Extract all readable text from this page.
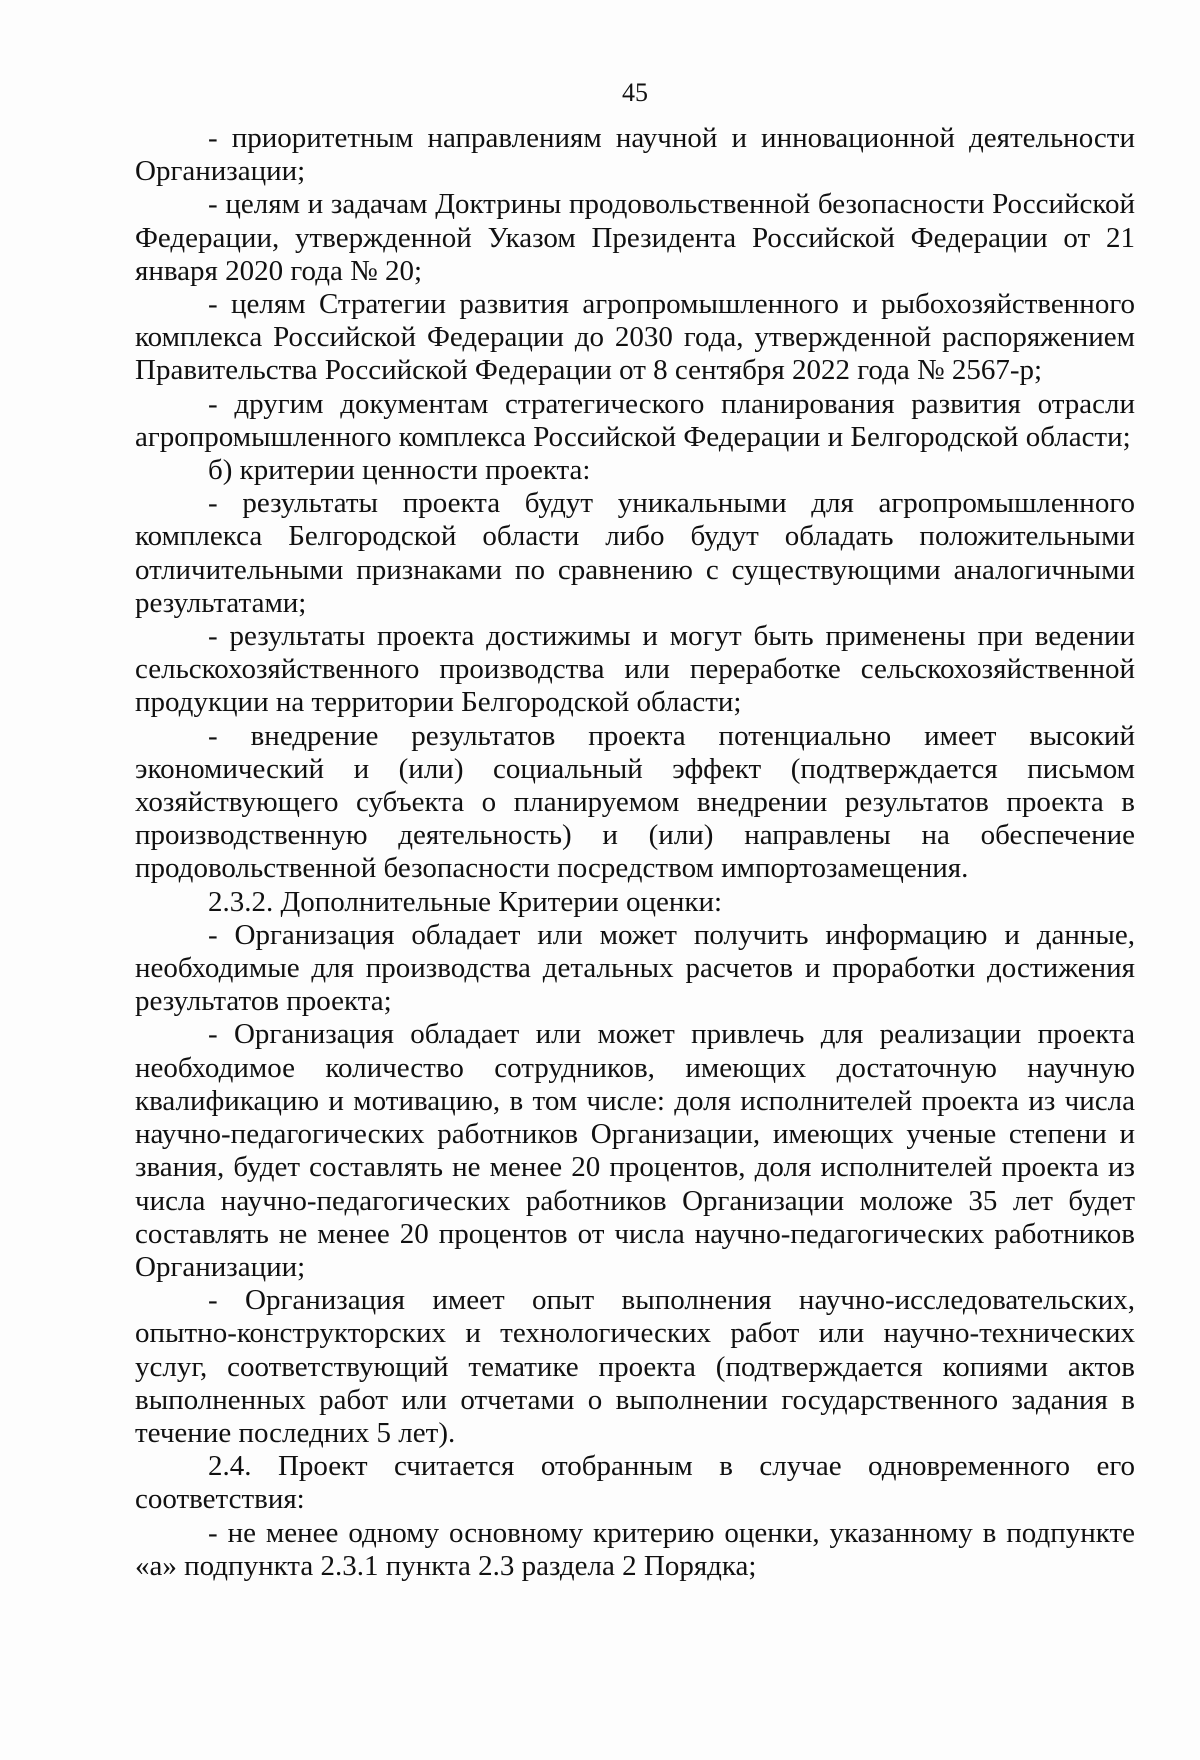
45

- приоритетным направлениям научной и инновационной деятельности Организации;

- целям и задачам Доктрины продовольственной безопасности Российской Федерации, утвержденной Указом Президента Российской Федерации от 21 января 2020 года № 20;

- целям Стратегии развития агропромышленного и рыбохозяйственного комплекса Российской Федерации до 2030 года, утвержденной распоряжением Правительства Российской Федерации от 8 сентября 2022 года № 2567-р;

- другим документам стратегического планирования развития отрасли агропромышленного комплекса Российской Федерации и Белгородской области;

б) критерии ценности проекта:

- результаты проекта будут уникальными для агропромышленного комплекса Белгородской области либо будут обладать положительными отличительными признаками по сравнению с существующими аналогичными результатами;

- результаты проекта достижимы и могут быть применены при ведении сельскохозяйственного производства или переработке сельскохозяйственной продукции на территории Белгородской области;

- внедрение результатов проекта потенциально имеет высокий экономический и (или) социальный эффект (подтверждается письмом хозяйствующего субъекта о планируемом внедрении результатов проекта в производственную деятельность) и (или) направлены на обеспечение продовольственной безопасности посредством импортозамещения.

2.3.2. Дополнительные Критерии оценки:

- Организация обладает или может получить информацию и данные, необходимые для производства детальных расчетов и проработки достижения результатов проекта;

- Организация обладает или может привлечь для реализации проекта необходимое количество сотрудников, имеющих достаточную научную квалификацию и мотивацию, в том числе: доля исполнителей проекта из числа научно-педагогических работников Организации, имеющих ученые степени и звания, будет составлять не менее 20 процентов, доля исполнителей проекта из числа научно-педагогических работников Организации моложе 35 лет будет составлять не менее 20 процентов от числа научно-педагогических работников Организации;

- Организация имеет опыт выполнения научно-исследовательских, опытно-конструкторских и технологических работ или научно-технических услуг, соответствующий тематике проекта (подтверждается копиями актов выполненных работ или отчетами о выполнении государственного задания в течение последних 5 лет).

2.4. Проект считается отобранным в случае одновременного его соответствия:

- не менее одному основному критерию оценки, указанному в подпункте «а» подпункта 2.3.1 пункта 2.3 раздела 2 Порядка;
